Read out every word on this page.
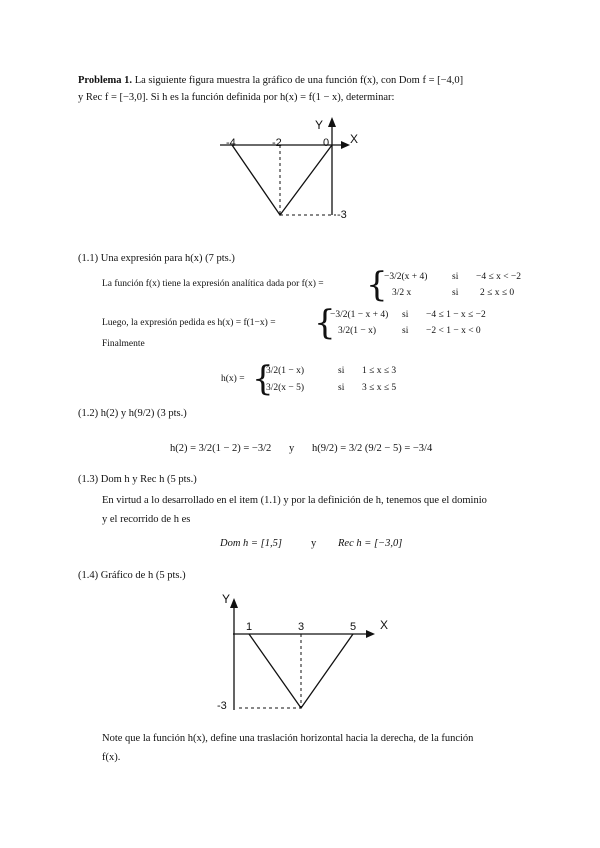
Problema 1. La siguiente figura muestra la gráfico de una función f(x), con Dom f = [−4,0]
y Rec f = [−3,0]. Si h es la función definida por h(x) = f(1 − x), determinar:
Y
X
-4	-2	0
-3
(1.1) Una expresión para h(x) (7 pts.)
La función f(x) tiene la expresión analítica dada por f(x) = {
−3/2(x + 4)	si −4 ≤ x < −2
3/2 x	si 2 ≤ x ≤ 0
Luego, la expresión pedida es h(x) = f(1−x) = {
−3/2(1 − x + 4) si −4 ≤ 1 − x ≤ −2
3/2(1 − x)	si −2 < 1 − x < 0
Finalmente
h(x) = {
3/2(1 − x)	si 1 ≤ x ≤ 3
3/2(x − 5)	si 3 ≤ x ≤ 5
(1.2) h(2) y h(9/2) (3 pts.)
h(2) = 3/2(1 − 2) = −3/2 y h(9/2) = 3/2 (9/2 − 5) = −3/4
(1.3) Dom h y Rec h (5 pts.)
En virtud a lo desarrollado en el item (1.1) y por la definición de h, tenemos que el dominio
y el recorrido de h es
Dom h = [1,5]	y Rec h = [−3,0]
(1.4) Gráfico de h (5 pts.)
Y
X
1	3	5
-3
Note que la función h(x), define una traslación horizontal hacia la derecha, de la función
f(x).
